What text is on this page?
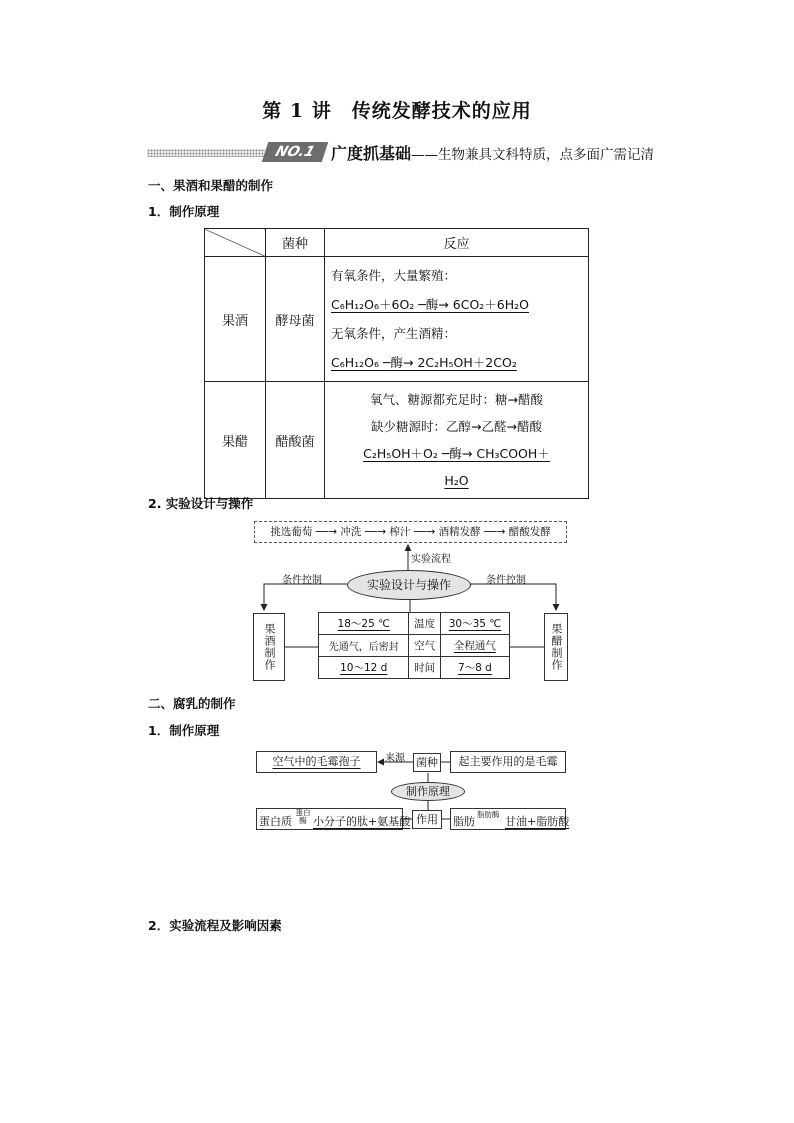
第 1 讲　传统发酵技术的应用
NO.1 广度抓基础——生物兼具文科特质，点多面广需记清
一、果酒和果醋的制作
1．制作原理
	菌种	反应
果酒	酵母菌	有氧条件，大量繁殖：
C₆H₁₂O₆＋6O₂ ─酶→ 6CO₂＋6H₂O
无氧条件，产生酒精：
C₆H₁₂O₆ ─酶→ 2C₂H₅OH＋2CO₂

果醋	醋酸菌	氧气、糖源都充足时：糖→醋酸
缺少糖源时：乙醇→乙醛→醋酸
C₂H₅OH＋O₂ ─酶→ CH₃COOH＋
H₂O
2. 实验设计与操作
挑选葡萄 ──→ 冲洗 ──→ 榨汁 ──→ 酒精发酵 ──→ 醋酸发酵
实验流程
实验设计与操作
条件控制	条件控制
果酒制作	果醋制作
18～25 ℃	温度	30～35 ℃
先通气，后密封	空气	全程通气
10～12 d	时间	7～8 d
二、腐乳的制作
1．制作原理
空气中的毛霉孢子	来源 菌种	起主要作用的是毛霉
制作原理
蛋白质
蛋白酶 小分子的肽+氨基酸 作用	脂肪
脂肪酶
甘油+脂肪酸
2．实验流程及影响因素
